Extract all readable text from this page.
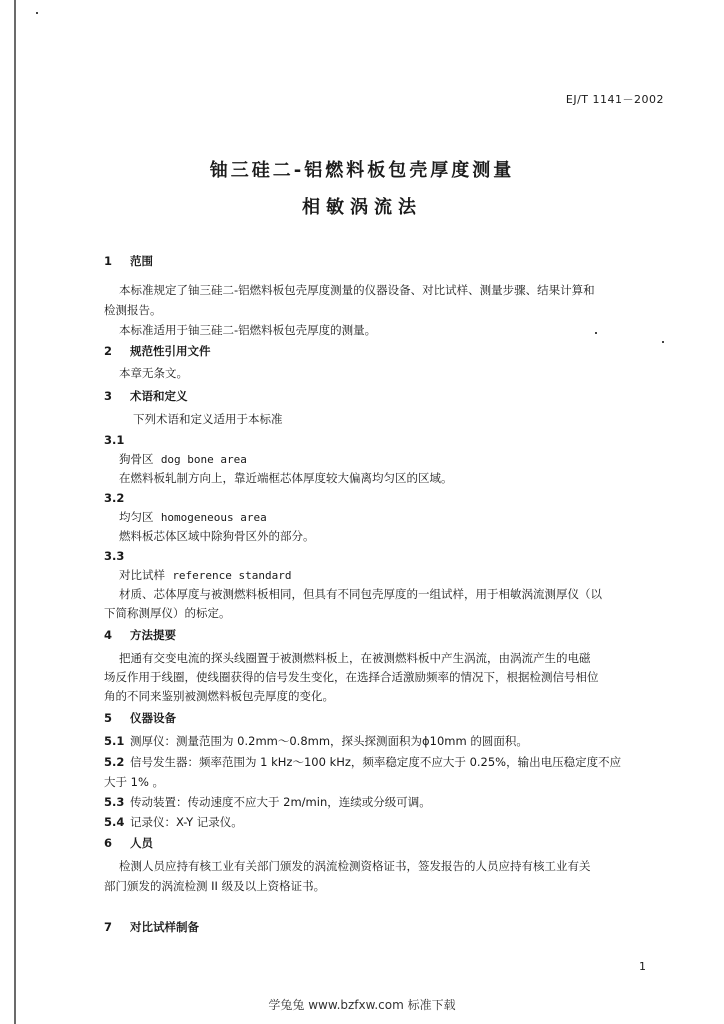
EJ/T 1141－2002
铀三硅二-铝燃料板包壳厚度测量
相敏涡流法
1 范围
本标准规定了铀三硅二-铝燃料板包壳厚度测量的仪器设备、对比试样、测量步骤、结果计算和
检测报告。
本标准适用于铀三硅二-铝燃料板包壳厚度的测量。
2 规范性引用文件
本章无条文。
3 术语和定义
下列术语和定义适用于本标准
3.1
狗骨区 dog bone area
在燃料板轧制方向上，靠近端框芯体厚度较大偏离均匀区的区域。
3.2
均匀区 homogeneous area
燃料板芯体区域中除狗骨区外的部分。
3.3
对比试样 reference standard
材质、芯体厚度与被测燃料板相同，但具有不同包壳厚度的一组试样，用于相敏涡流测厚仪（以
下简称测厚仪）的标定。
4 方法提要
把通有交变电流的探头线圈置于被测燃料板上，在被测燃料板中产生涡流，由涡流产生的电磁
场反作用于线圈，使线圈获得的信号发生变化，在选择合适激励频率的情况下，根据检测信号相位
角的不同来鉴别被测燃料板包壳厚度的变化。
5 仪器设备
5.1 测厚仪：测量范围为 0.2mm～0.8mm，探头探测面积为ϕ10mm 的圆面积。
5.2 信号发生器：频率范围为 1 kHz～100 kHz，频率稳定度不应大于 0.25%，输出电压稳定度不应
大于 1% 。
5.3 传动装置：传动速度不应大于 2m/min，连续或分级可调。
5.4 记录仪：X-Y 记录仪。
6 人员
检测人员应持有核工业有关部门颁发的涡流检测资格证书，签发报告的人员应持有核工业有关
部门颁发的涡流检测 II 级及以上资格证书。
7 对比试样制备
1
学兔兔 www.bzfxw.com 标准下载
